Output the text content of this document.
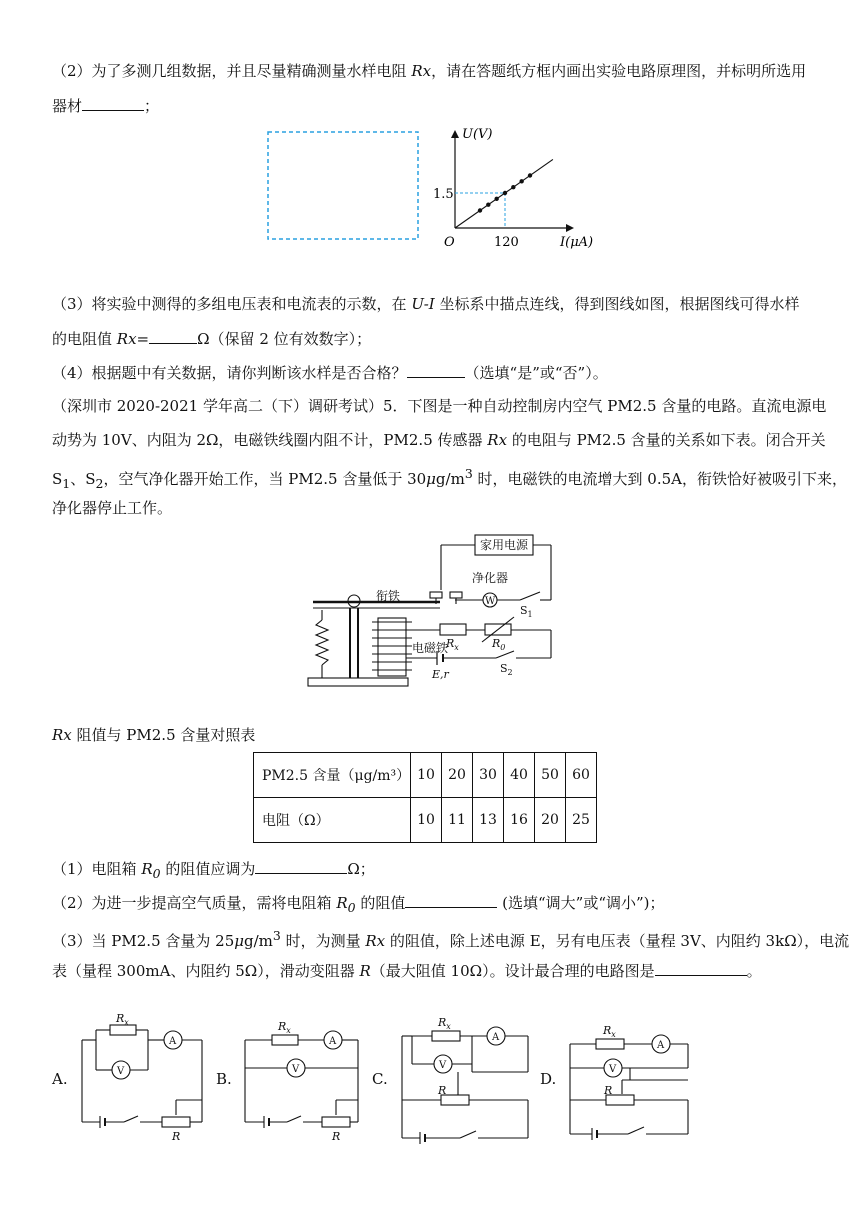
（2）为了多测几组数据，并且尽量精确测量水样电阻 Rx，请在答题纸方框内画出实验电路原理图，并标明所选用
器材	；
U(V)
I(μA)
O
1.5
120
（3）将实验中测得的多组电压表和电流表的示数，在 U-I 坐标系中描点连线，得到图线如图，根据图线可得水样
的电阻值 Rx=	Ω（保留 2 位有效数字）；
（4）根据题中有关数据，请你判断该水样是否合格？	（选填“是”或“否”）。
（深圳市 2020-2021 学年高二（下）调研考试）5．下图是一种自动控制房内空气 PM2.5 含量的电路。直流电源电
动势为 10V、内阻为 2Ω，电磁铁线圈内阻不计，PM2.5 传感器 Rx 的电阻与 PM2.5 含量的关系如下表。闭合开关
$S_1$、$S_2$，空气净化器开始工作，当 PM2.5 含量低于 $30\mu g/m^3$ 时，电磁铁的电流增大到 0.5A，衔铁恰好被吸引下来，
净化器停止工作。
家用电源
净化器
W
$S_1$
衔铁
电磁铁
$R_x$	$R_0$
E,r	$S_2$
Rx 阻值与 PM2.5 含量对照表
PM2.5 含量（μg/m³）	10	20	30	40	50	60
电阻（Ω）	10	11	13	16	20	25
（1）电阻箱 $R_0$ 的阻值应调为	Ω；
（2）为进一步提高空气质量，需将电阻箱 $R_0$ 的阻值	(选填“调大”或“调小”)；
（3）当 PM2.5 含量为 $25\mu g/m^3$ 时，为测量 Rx 的阻值，除上述电源 E，另有电压表（量程 3V、内阻约 3kΩ），电流
表（量程 300mA、内阻约 5Ω），滑动变阻器 R（最大阻值 10Ω）。设计最合理的电路图是	。
A.	B.	C.	D.
$R_x$
V
A
R
$R_x$
V
A
R
$R_x$
V
A
R
$R_x$
V
A
R
